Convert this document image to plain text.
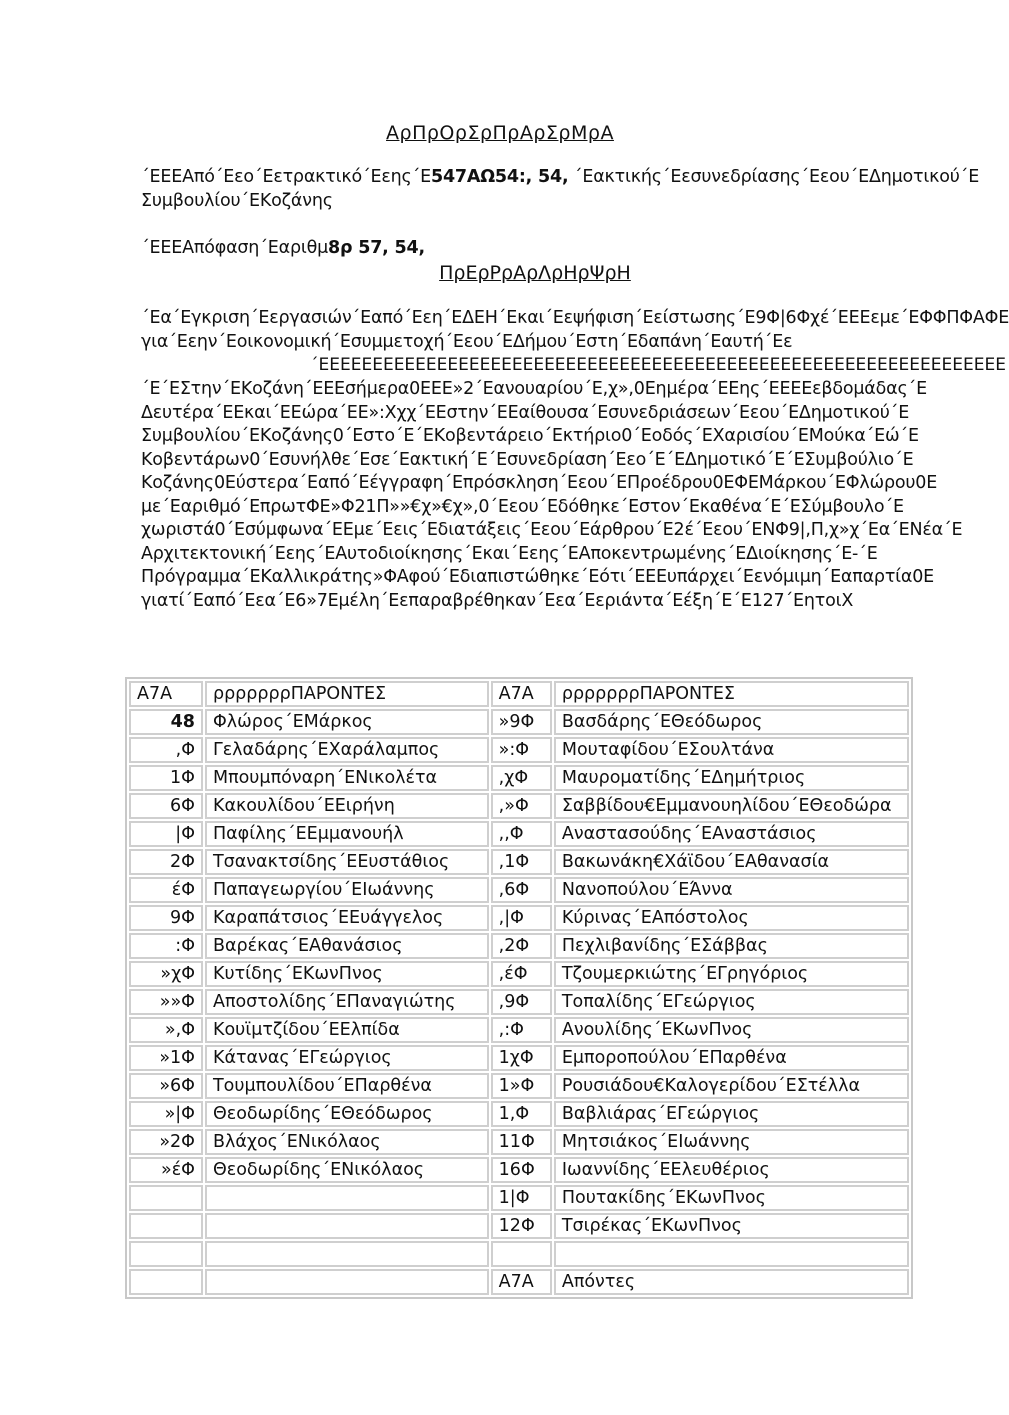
ΑρΠρΟρΣρΠρΑρΣρΜρΑ
´ΕΕΕΑπό´Εεο´Εετρακτικό´Εεης´Ε547ΑΩ54:, 54, ´Εακτικής´Εεσυνεδρίασης´Εεου´ΕΔημοτικού´Ε
Συμβουλίου´ΕΚοζάνης
´ΕΕΕΑπόφαση´Εαριθμ8ρ 57, 54,
ΠρΕρΡρΑρΛρΗρΨρΗ
´Εα´Εγκριση´Εεργασιών´Εαπό´Εεη´ΕΔΕΗ´Εκαι´Εεψήφιση´Εείστωσης´Ε9Φ|6Φχέ´ΕΕΕεμε´ΕΦΦΠΦΑΦΕ
για´Εεην´Εοικονομική´Εσυμμετοχή´Εεου´ΕΔήμου´Εστη´Εδαπάνη´Εαυτή´Εε
´ΕΕΕΕΕΕΕΕΕΕΕΕΕΕΕΕΕΕΕΕΕΕΕΕΕΕΕΕΕΕΕΕΕΕΕΕΕΕΕΕΕΕΕΕΕΕΕΕΕΕΕΕΕΕΕΕΕΕΕΕΕΕΕΕ
´Ε´ΕΣτην´ΕΚοζάνη´ΕΕΕσήμερα0ΕΕΕ»2´Εανουαρίου´Ε,χ»,0Εημέρα´ΕΕης´ΕΕΕΕεβδομάδας´Ε
Δευτέρα´ΕΕκαι´ΕΕώρα´ΕΕ»:Χχχ´ΕΕστην´ΕΕαίθουσα´Εσυνεδριάσεων´Εεου´ΕΔημοτικού´Ε
Συμβουλίου´ΕΚοζάνης0´Εστο´Ε´ΕΚοβεντάρειο´Εκτήριο0´Εοδός´ΕΧαρισίου´ΕΜούκα´Εώ´Ε
Κοβεντάρων0´Εσυνήλθε´Εσε´Εακτική´Ε´Εσυνεδρίαση´Εεο´Ε´ΕΔημοτικό´Ε´ΕΣυμβούλιο´Ε
Κοζάνης0Εύστερα´Εαπό´Εέγγραφη´Επρόσκληση´Εεου´ΕΠροέδρου0ΕΦΕΜάρκου´ΕΦλώρου0Ε
με´Εαριθμό´ΕπρωτΦΕ»Φ21Π»»€χ»€χ»,0´Εεου´Εδόθηκε´Εστον´Εκαθένα´Ε´ΕΣύμβουλο´Ε
χωριστά0´Εσύμφωνα´ΕΕμε´Εεις´Εδιατάξεις´Εεου´Εάρθρου´Ε2έ´Εεου´ΕΝΦ9|,Π,χ»χ´Εα´ΕΝέα´Ε
Αρχιτεκτονική´Εεης´ΕΑυτοδιοίκησης´Εκαι´Εεης´ΕΑποκεντρωμένης´ΕΔιοίκησης´Ε-´Ε
Πρόγραμμα´ΕΚαλλικράτης»ΦΑφού´Εδιαπιστώθηκε´Εότι´ΕΕΕυπάρχει´Εενόμιμη´Εαπαρτία0Ε
γιατί´Εαπό´Εεα´Ε6»7Εμέλη´Εεπαραβρέθηκαν´Εεα´Εεριάντα´Εέξη´Ε´Ε127´ΕητοιΧ
Α7Α	ρρρρρρρΠΑΡΟΝΤΕΣ	Α7Α	ρρρρρρρΠΑΡΟΝΤΕΣ
48	Φλώρος´ΕΜάρκος	»9Φ	Βασδάρης´ΕΘεόδωρος
,Φ	Γελαδάρης´ΕΧαράλαμπος	»:Φ	Μουταφίδου´ΕΣουλτάνα
1Φ	Μπουμπόναρη´ΕΝικολέτα	,χΦ	Μαυροματίδης´ΕΔημήτριος
6Φ	Κακουλίδου´ΕΕιρήνη	,»Φ	Σαββίδου€Εμμανουηλίδου´ΕΘεοδώρα
|Φ	Παφίλης´ΕΕμμανουήλ	,,Φ	Αναστασούδης´ΕΑναστάσιος
2Φ	Τσανακτσίδης´ΕΕυστάθιος	,1Φ	Βακωνάκη€Χάϊδου´ΕΑθανασία
έΦ	Παπαγεωργίου´ΕΙωάννης	,6Φ	Νανοπούλου´ΕΆννα
9Φ	Καραπάτσιος´ΕΕυάγγελος	,|Φ	Κύρινας´ΕΑπόστολος
:Φ	Βαρέκας´ΕΑθανάσιος	,2Φ	Πεχλιβανίδης´ΕΣάββας
»χΦ	Κυτίδης´ΕΚωνΠνος	,έΦ	Τζουμερκιώτης´ΕΓρηγόριος
»»Φ	Αποστολίδης´ΕΠαναγιώτης	,9Φ	Τοπαλίδης´ΕΓεώργιος
»,Φ	Κουϊμτζίδου´ΕΕλπίδα	,:Φ	Ανουλίδης´ΕΚωνΠνος
»1Φ	Κάτανας´ΕΓεώργιος	1χΦ	Εμποροπούλου´ΕΠαρθένα
»6Φ	Τουμπουλίδου´ΕΠαρθένα	1»Φ	Ρουσιάδου€Καλογερίδου´ΕΣτέλλα
»|Φ	Θεοδωρίδης´ΕΘεόδωρος	1,Φ	Βαβλιάρας´ΕΓεώργιος
»2Φ	Βλάχος´ΕΝικόλαος	11Φ	Μητσιάκος´ΕΙωάννης
»έΦ	Θεοδωρίδης´ΕΝικόλαος	16Φ	Ιωαννίδης´ΕΕλευθέριος
		1|Φ	Πουτακίδης´ΕΚωνΠνος
		12Φ	Τσιρέκας´ΕΚωνΠνος

		Α7Α	Απόντες
